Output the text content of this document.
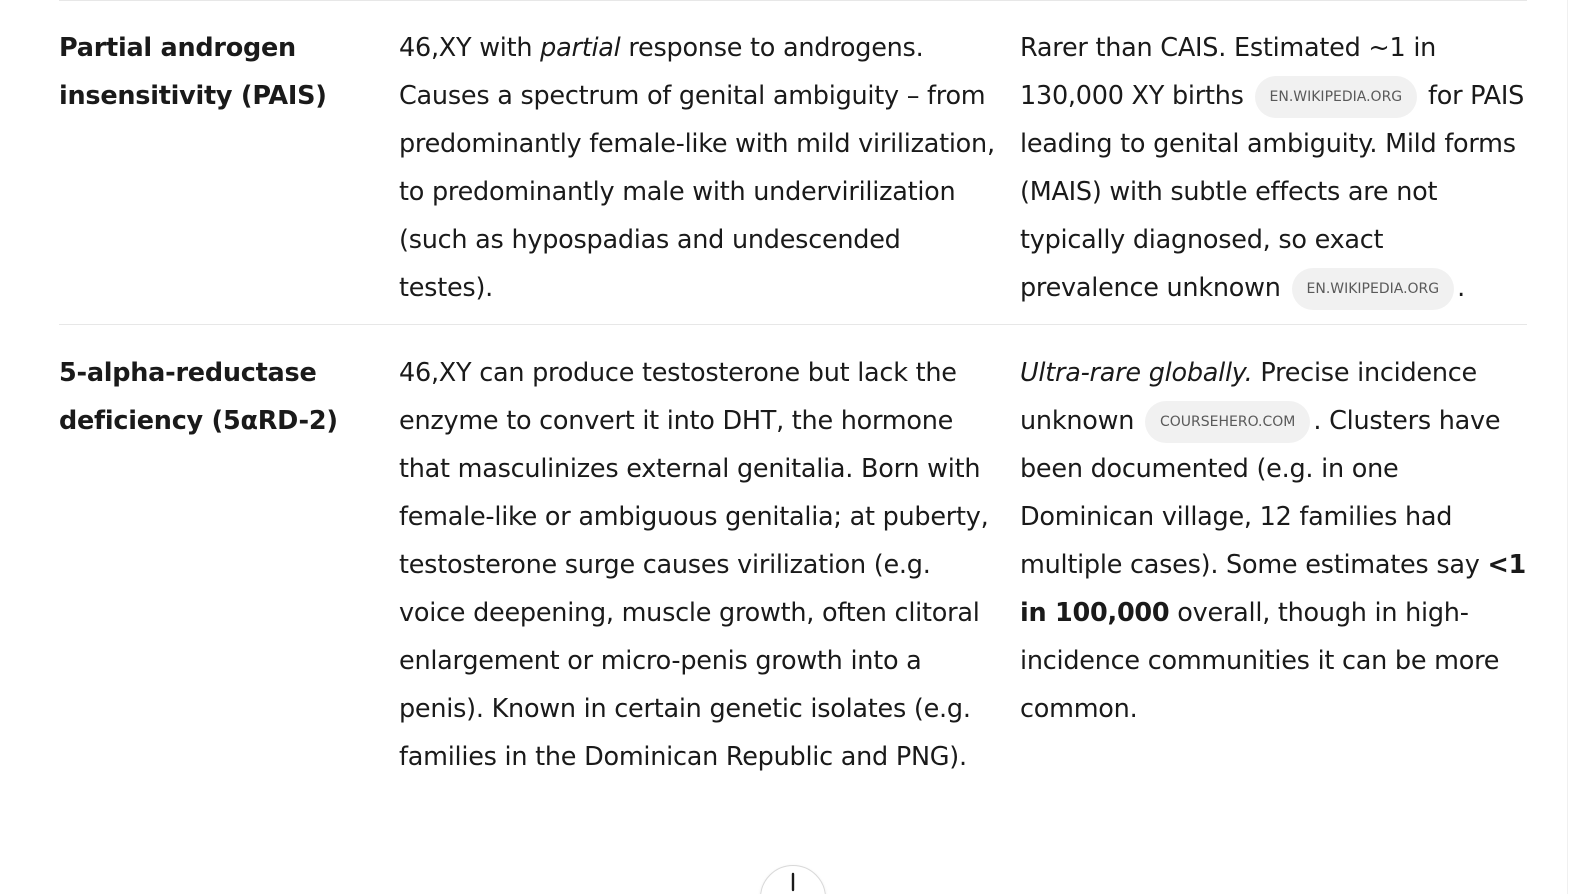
Partial androgen insensitivity (PAIS)
46,XY with partial response to androgens. Causes a spectrum of genital ambiguity – from predominantly female-like with mild virilization, to predominantly male with undervirilization (such as hypospadias and undescended testes).
Rarer than CAIS. Estimated ~1 in 130,000 XY births EN.WIKIPEDIA.ORG for PAIS leading to genital ambiguity. Mild forms (MAIS) with subtle effects are not typically diagnosed, so exact prevalence unknown EN.WIKIPEDIA.ORG .
5-alpha-reductase deficiency (5αRD-2)
46,XY can produce testosterone but lack the enzyme to convert it into DHT, the hormone that masculinizes external genitalia. Born with female-like or ambiguous genitalia; at puberty, testosterone surge causes virilization (e.g. voice deepening, muscle growth, often clitoral enlargement or micro-penis growth into a penis). Known in certain genetic isolates (e.g. families in the Dominican Republic and PNG).
Ultra-rare globally. Precise incidence unknown COURSEHERO.COM . Clusters have been documented (e.g. in one Dominican village, 12 families had multiple cases). Some estimates say <1 in 100,000 overall, though in high-incidence communities it can be more common.
